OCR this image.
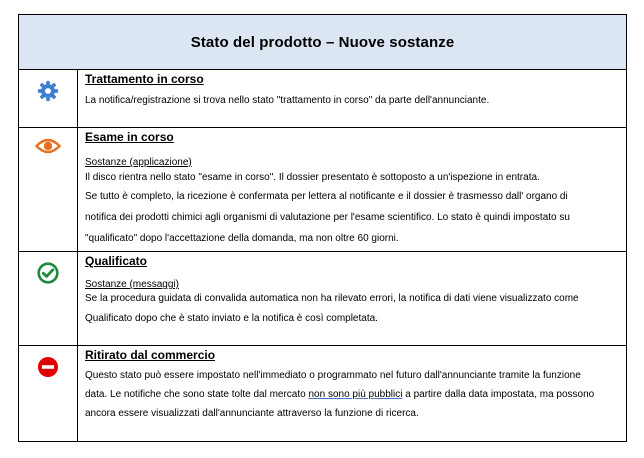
Stato del prodotto – Nuove sostanze
Trattamento in corso
La notifica/registrazione si trova nello stato "trattamento in corso" da parte dell'annunciante.
Esame in corso
Sostanze (applicazione)
Il disco rientra nello stato "esame in corso". Il dossier presentato è sottoposto a un'ispezione in entrata.
Se tutto è completo, la ricezione è confermata per lettera al notificante e il dossier è trasmesso dall' organo di
notifica dei prodotti chimici agli organismi di valutazione per l'esame scientifico. Lo stato è quindi impostato su
"qualificato" dopo l'accettazione della domanda, ma non oltre 60 giorni.
Qualificato
Sostanze (messaggi)
Se la procedura guidata di convalida automatica non ha rilevato errori, la notifica di dati viene visualizzato come
Qualificato dopo che è stato inviato e la notifica è così completata.
Ritirato dal commercio
Questo stato può essere impostato nell'immediato o programmato nel futuro dall'annunciante tramite la funzione
data. Le notifiche che sono state tolte dal mercato non sono più pubblici a partire dalla data impostata, ma possono
ancora essere visualizzati dall'annunciante attraverso la funzione di ricerca.
